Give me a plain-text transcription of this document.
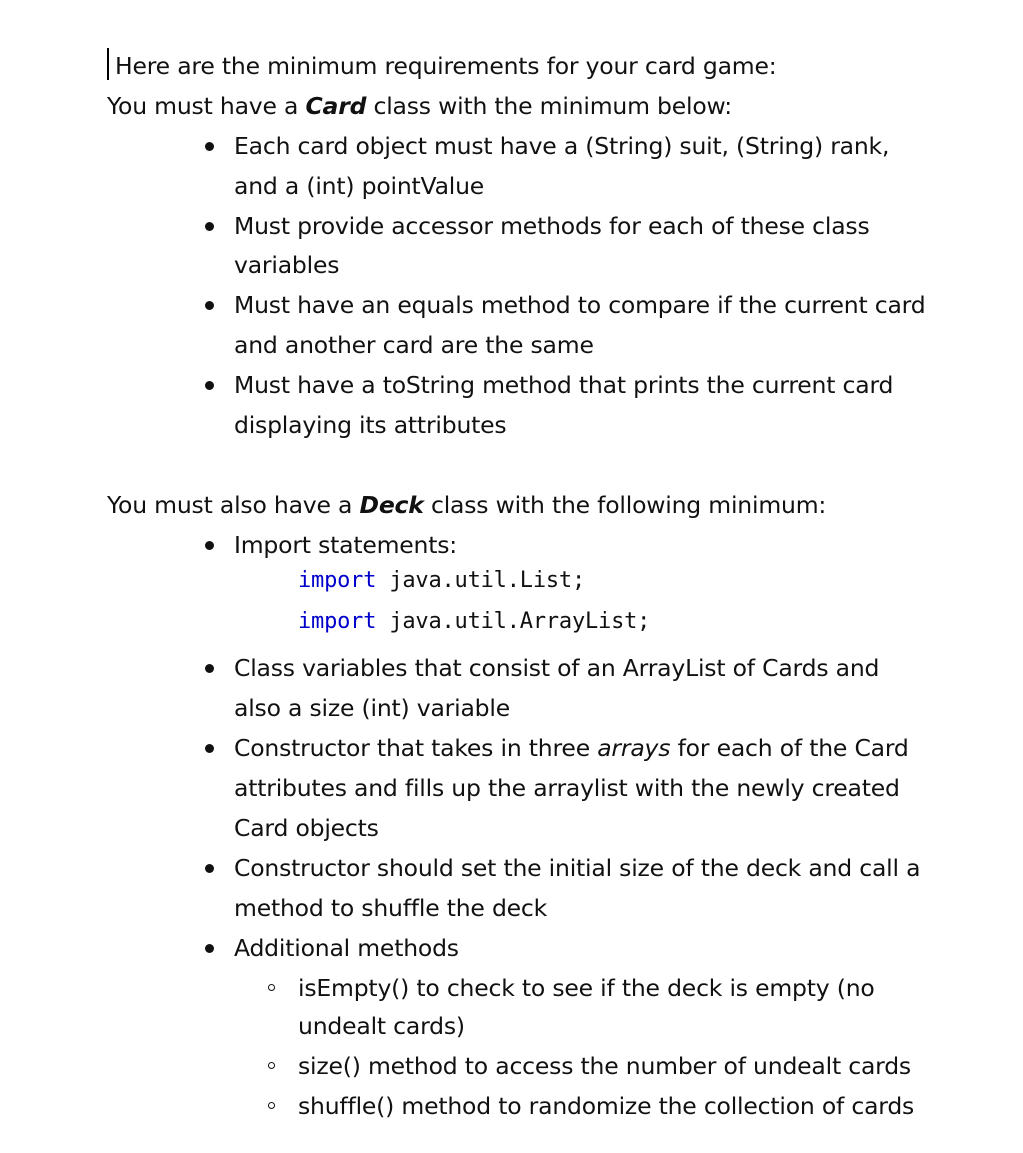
Here are the minimum requirements for your card game:
You must have a Card class with the minimum below:
Each card object must have a (String) suit, (String) rank,
and a (int) pointValue
Must provide accessor methods for each of these class
variables
Must have an equals method to compare if the current card
and another card are the same
Must have a toString method that prints the current card
displaying its attributes
You must also have a Deck class with the following minimum:
Import statements:
import java.util.List;
import java.util.ArrayList;
Class variables that consist of an ArrayList of Cards and
also a size (int) variable
Constructor that takes in three arrays for each of the Card
attributes and fills up the arraylist with the newly created
Card objects
Constructor should set the initial size of the deck and call a
method to shuffle the deck
Additional methods
isEmpty() to check to see if the deck is empty (no
undealt cards)
size() method to access the number of undealt cards
shuffle() method to randomize the collection of cards
